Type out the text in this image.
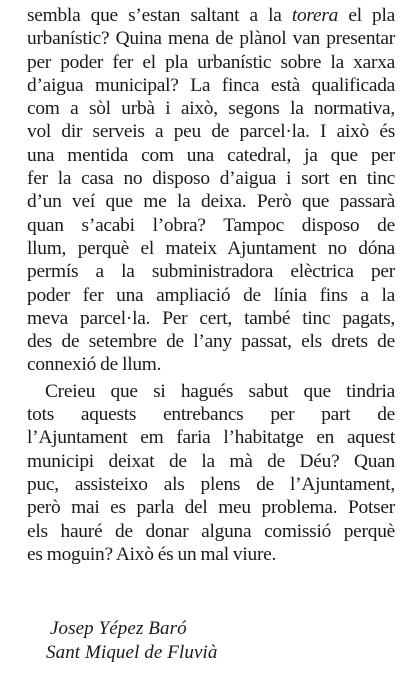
sembla que s’estan saltant a la torera el pla
urbanístic? Quina mena de plànol van presentar
per poder fer el pla urbanístic sobre la xarxa
d’aigua municipal? La finca està qualificada
com a sòl urbà i això, segons la normativa,
vol dir serveis a peu de parcel·la. I això és
una mentida com una catedral, ja que per
fer la casa no disposo d’aigua i sort en tinc
d’un veí que me la deixa. Però que passarà
quan s’acabi l’obra? Tampoc disposo de
llum, perquè el mateix Ajuntament no dóna
permís a la subministradora elèctrica per
poder fer una ampliació de línia fins a la
meva parcel·la. Per cert, també tinc pagats,
des de setembre de l’any passat, els drets de
connexió de llum.
Creieu que si hagués sabut que tindria
tots aquests entrebancs per part de
l’Ajuntament em faria l’habitatge en aquest
municipi deixat de la mà de Déu? Quan
puc, assisteixo als plens de l’Ajuntament,
però mai es parla del meu problema. Potser
els hauré de donar alguna comissió perquè
es moguin? Això és un mal viure.
Josep Yépez Baró
Sant Miquel de Fluvià
